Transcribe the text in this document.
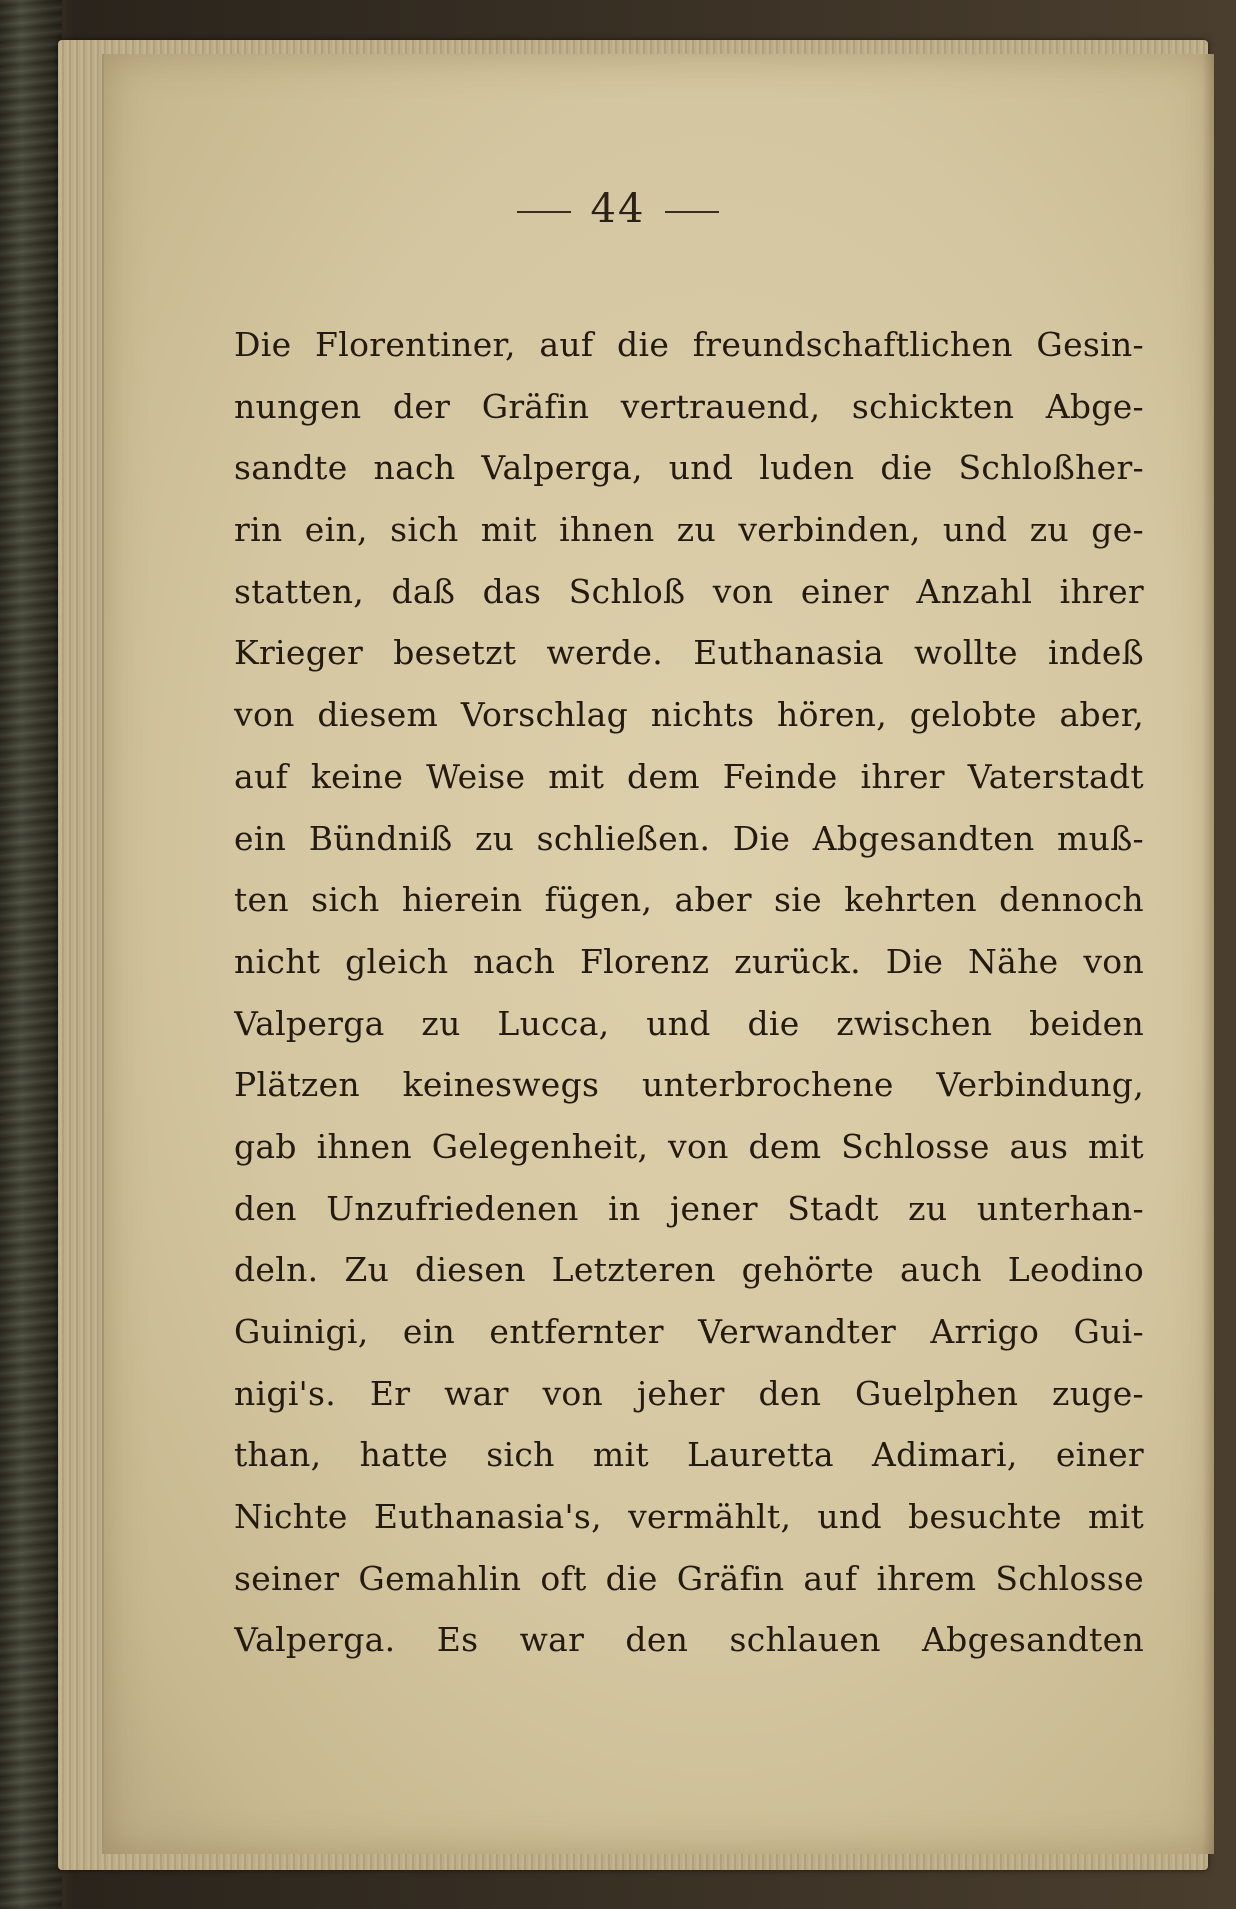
44

Die Florentiner, auf die freundschaftlichen Gesin-
nungen der Gräfin vertrauend, schickten Abge-
sandte nach Valperga, und luden die Schloßher-
rin ein, sich mit ihnen zu verbinden, und zu ge-
statten, daß das Schloß von einer Anzahl ihrer
Krieger besetzt werde. Euthanasia wollte indeß
von diesem Vorschlag nichts hören, gelobte aber,
auf keine Weise mit dem Feinde ihrer Vaterstadt
ein Bündniß zu schließen. Die Abgesandten muß-
ten sich hierein fügen, aber sie kehrten dennoch
nicht gleich nach Florenz zurück. Die Nähe von
Valperga zu Lucca, und die zwischen beiden
Plätzen keineswegs unterbrochene Verbindung,
gab ihnen Gelegenheit, von dem Schlosse aus mit
den Unzufriedenen in jener Stadt zu unterhan-
deln. Zu diesen Letzteren gehörte auch Leodino
Guinigi, ein entfernter Verwandter Arrigo Gui-
nigi's. Er war von jeher den Guelphen zuge-
than, hatte sich mit Lauretta Adimari, einer
Nichte Euthanasia's, vermählt, und besuchte mit
seiner Gemahlin oft die Gräfin auf ihrem Schlosse
Valperga. Es war den schlauen Abgesandten
